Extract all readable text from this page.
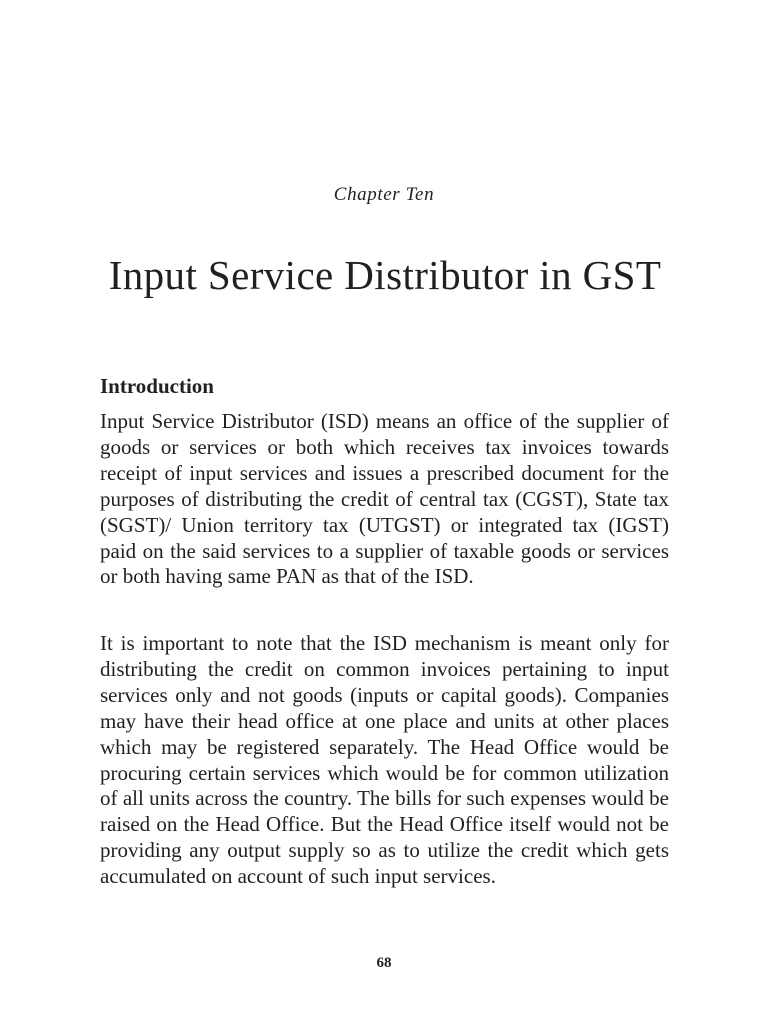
Chapter Ten
Input Service Distributor in GST
Introduction

Input Service Distributor (ISD) means an office of the supplier of goods or services or both which receives tax invoices towards receipt of input services and issues a prescribed document for the purposes of distributing the credit of central tax (CGST), State tax (SGST)/ Union territory tax (UTGST) or integrated tax (IGST) paid on the said services to a supplier of taxable goods or services or both having same PAN as that of the ISD.

It is important to note that the ISD mechanism is meant only for distributing the credit on common invoices pertaining to input services only and not goods (inputs or capital goods). Companies may have their head office at one place and units at other places which may be registered separately. The Head Office would be procuring certain services which would be for common utilization of all units across the country. The bills for such expenses would be raised on the Head Office. But the Head Office itself would not be providing any output supply so as to utilize the credit which gets accumulated on account of such input services.

68
